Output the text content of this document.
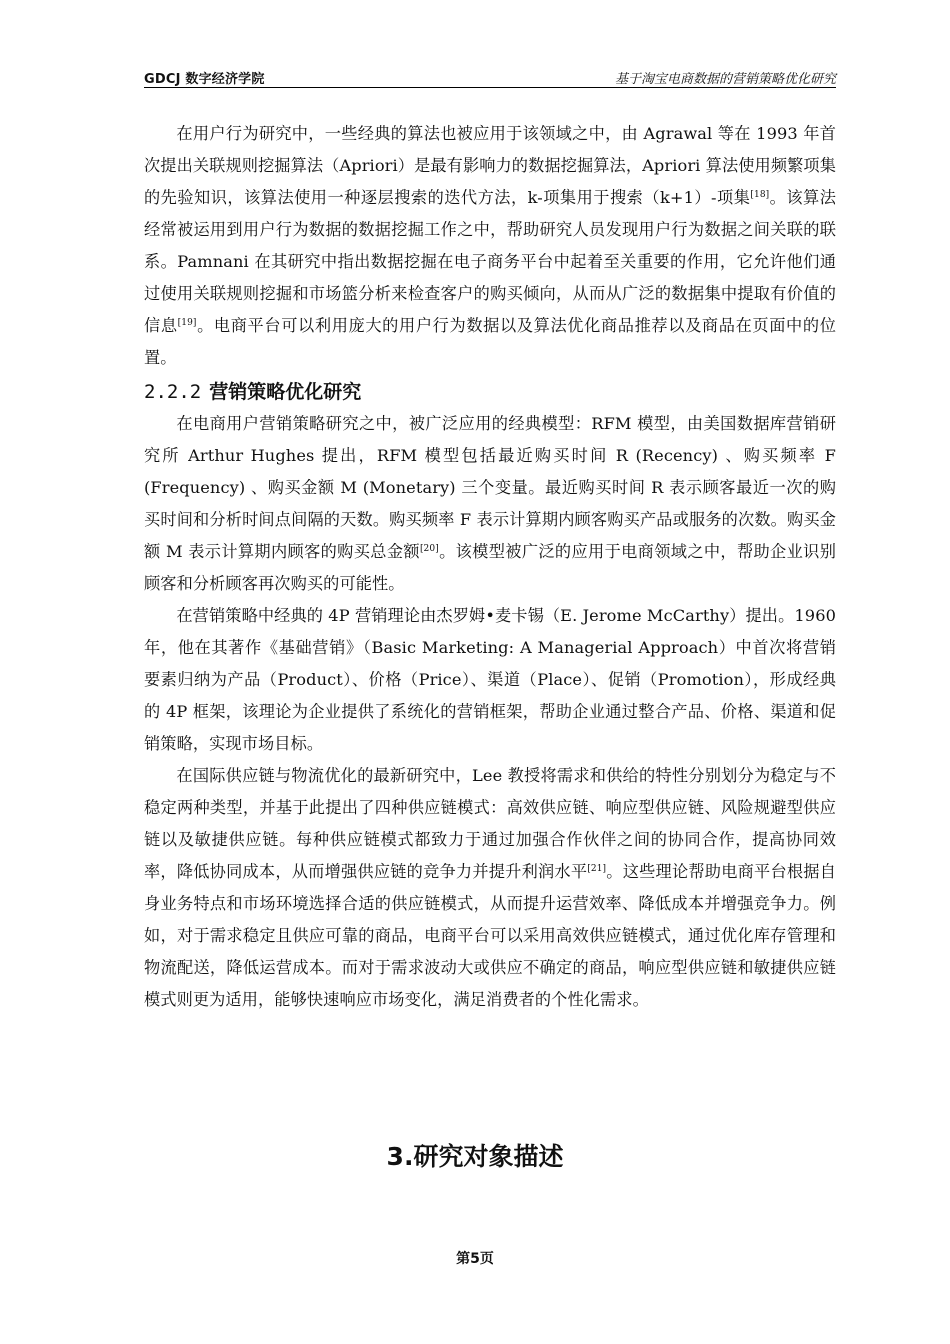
GDCJ 数字经济学院	基于淘宝电商数据的营销策略优化研究

在用户行为研究中，一些经典的算法也被应用于该领域之中，由 Agrawal 等在 1993 年首次提出关联规则挖掘算法（Apriori）是最有影响力的数据挖掘算法，Apriori 算法使用频繁项集的先验知识，该算法使用一种逐层搜索的迭代方法，k-项集用于搜索（k+1）-项集[18]。该算法经常被运用到用户行为数据的数据挖掘工作之中，帮助研究人员发现用户行为数据之间关联的联系。Pamnani 在其研究中指出数据挖掘在电子商务平台中起着至关重要的作用，它允许他们通过使用关联规则挖掘和市场篮分析来检查客户的购买倾向，从而从广泛的数据集中提取有价值的信息[19]。电商平台可以利用庞大的用户行为数据以及算法优化商品推荐以及商品在页面中的位置。

2.2.2 营销策略优化研究

在电商用户营销策略研究之中，被广泛应用的经典模型：RFM 模型，由美国数据库营销研究所 Arthur Hughes 提出，RFM 模型包括最近购买时间 R (Recency) 、购买频率 F (Frequency) 、购买金额 M (Monetary) 三个变量。最近购买时间 R 表示顾客最近一次的购买时间和分析时间点间隔的天数。购买频率 F 表示计算期内顾客购买产品或服务的次数。购买金额 M 表示计算期内顾客的购买总金额[20]。该模型被广泛的应用于电商领域之中，帮助企业识别顾客和分析顾客再次购买的可能性。

在营销策略中经典的 4P 营销理论由杰罗姆•麦卡锡（E. Jerome McCarthy）提出。1960 年，他在其著作《基础营销》（Basic Marketing: A Managerial Approach）中首次将营销要素归纳为产品（Product）、价格（Price）、渠道（Place）、促销（Promotion），形成经典的 4P 框架，该理论为企业提供了系统化的营销框架，帮助企业通过整合产品、价格、渠道和促销策略，实现市场目标。

在国际供应链与物流优化的最新研究中，Lee 教授将需求和供给的特性分别划分为稳定与不稳定两种类型，并基于此提出了四种供应链模式：高效供应链、响应型供应链、风险规避型供应链以及敏捷供应链。每种供应链模式都致力于通过加强合作伙伴之间的协同合作，提高协同效率，降低协同成本，从而增强供应链的竞争力并提升利润水平[21]。这些理论帮助电商平台根据自身业务特点和市场环境选择合适的供应链模式，从而提升运营效率、降低成本并增强竞争力。例如，对于需求稳定且供应可靠的商品，电商平台可以采用高效供应链模式，通过优化库存管理和物流配送，降低运营成本。而对于需求波动大或供应不确定的商品，响应型供应链和敏捷供应链模式则更为适用，能够快速响应市场变化，满足消费者的个性化需求。

3.研究对象描述
第5页
